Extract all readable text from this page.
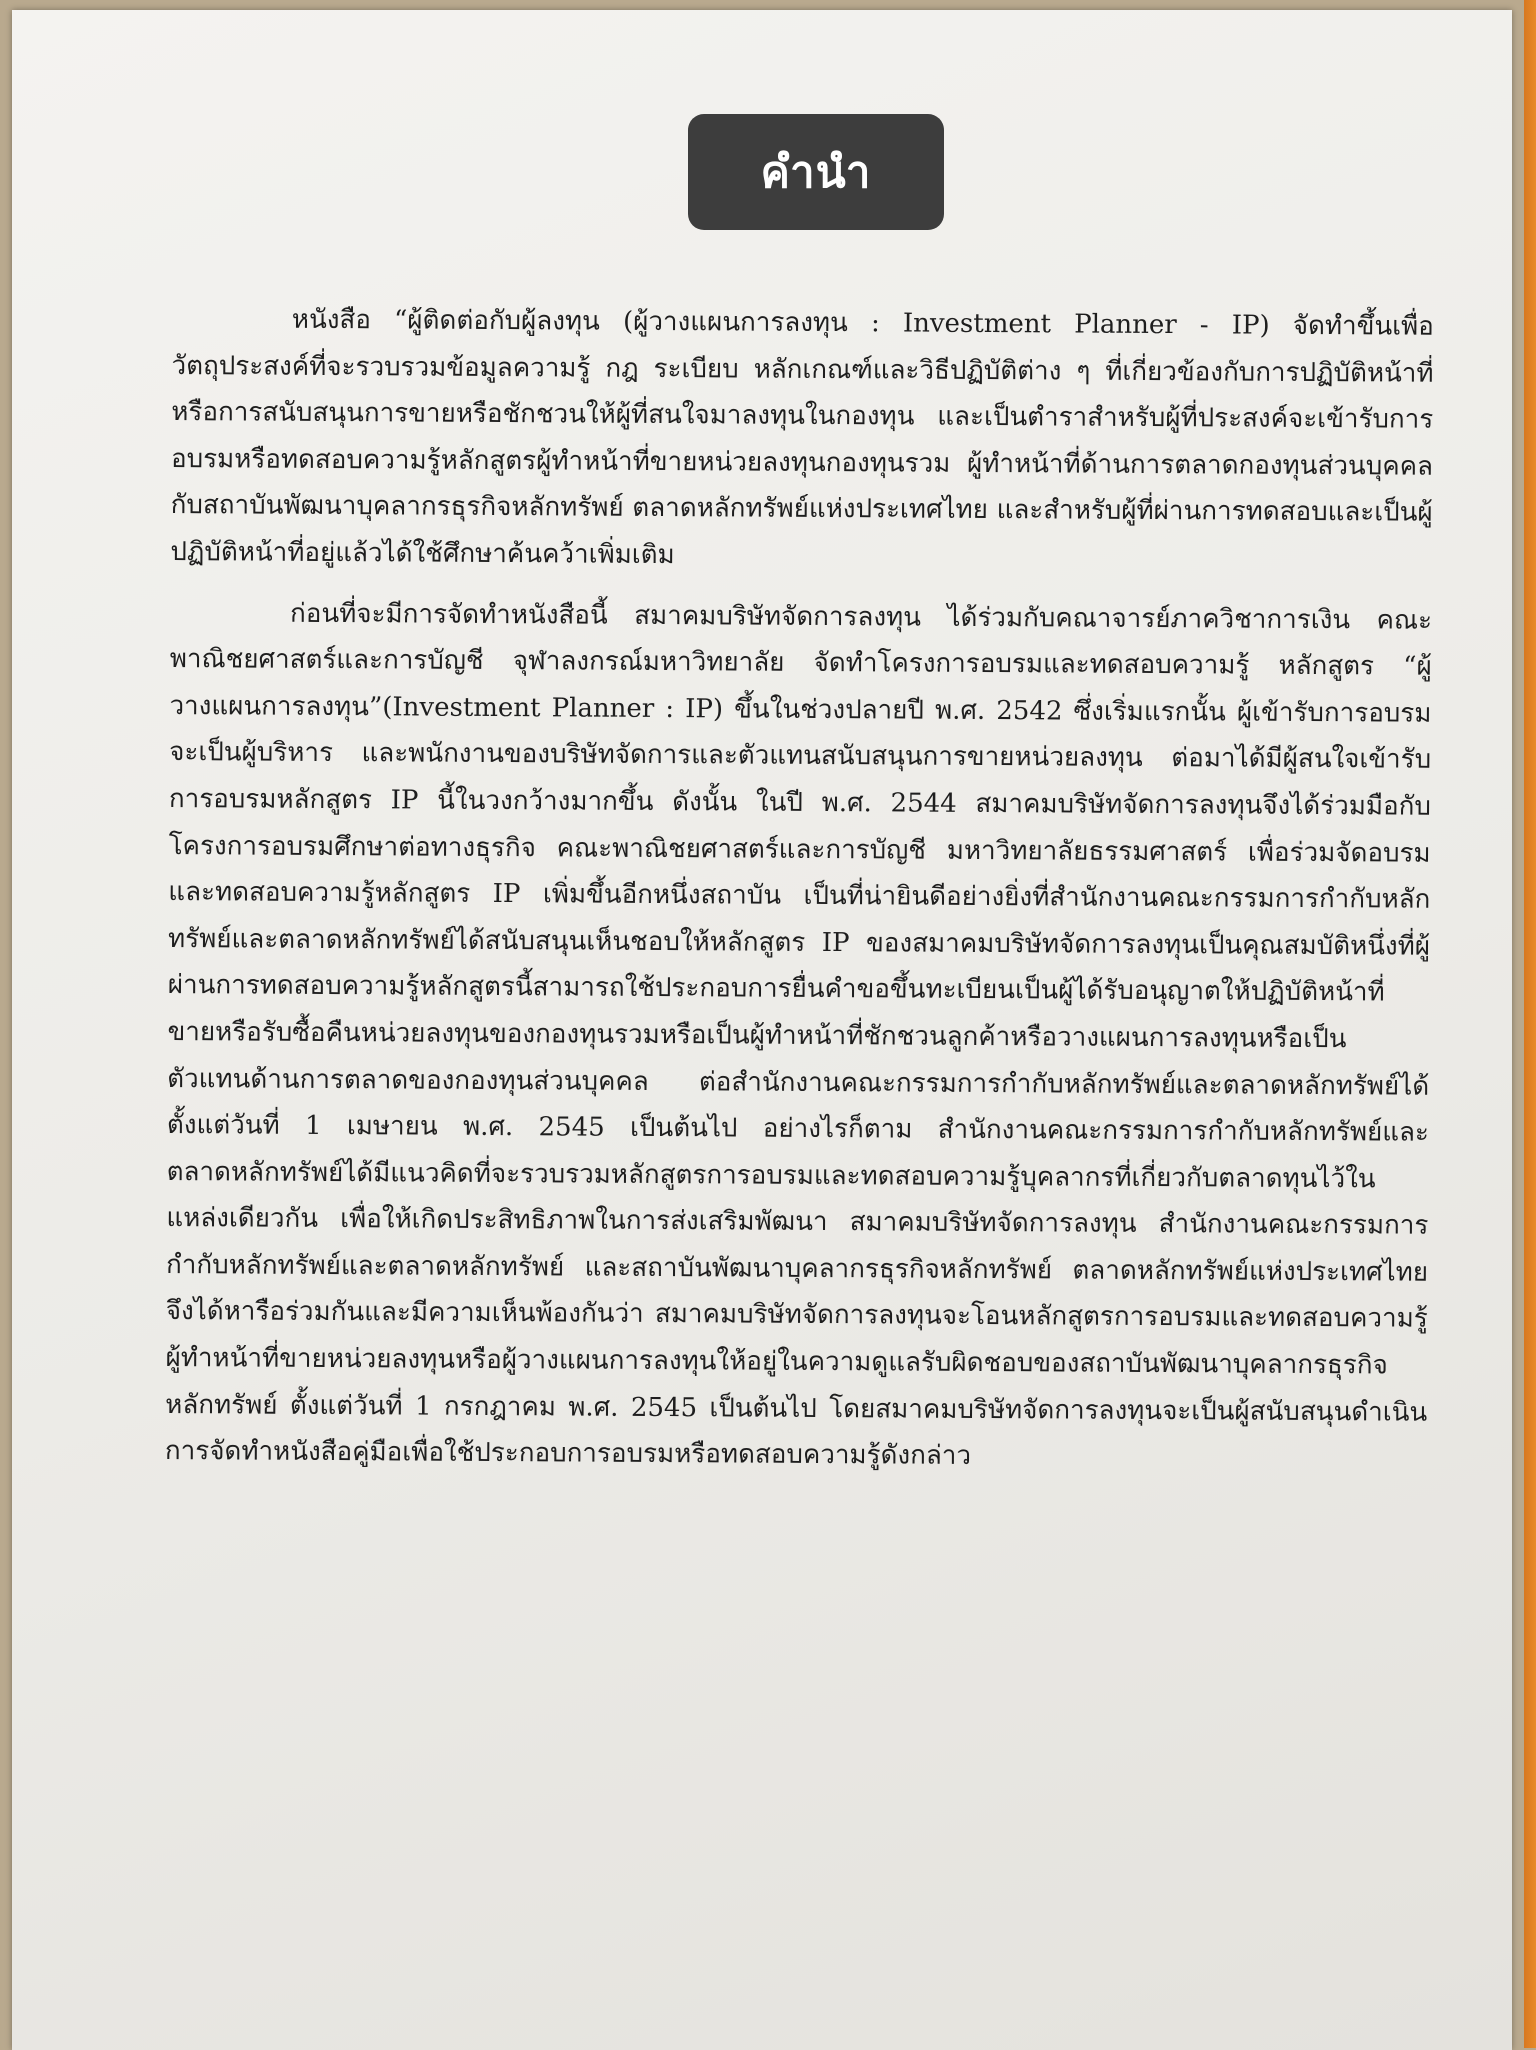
คำนำ

หนังสือ “ผู้ติดต่อกับผู้ลงทุน (ผู้วางแผนการลงทุน : Investment Planner - IP) จัดทำขึ้นเพื่อวัตถุประสงค์ที่จะรวบรวมข้อมูลความรู้ กฎ ระเบียบ หลักเกณฑ์และวิธีปฏิบัติต่าง ๆ ที่เกี่ยวข้องกับการปฏิบัติหน้าที่ หรือการสนับสนุนการขายหรือชักชวนให้ผู้ที่สนใจมาลงทุนในกองทุน และเป็นตำราสำหรับผู้ที่ประสงค์จะเข้ารับการอบรมหรือทดสอบความรู้หลักสูตรผู้ทำหน้าที่ขายหน่วยลงทุนกองทุนรวม ผู้ทำหน้าที่ด้านการตลาดกองทุนส่วนบุคคลกับสถาบันพัฒนาบุคลากรธุรกิจหลักทรัพย์ ตลาดหลักทรัพย์แห่งประเทศไทย และสำหรับผู้ที่ผ่านการทดสอบและเป็นผู้ปฏิบัติหน้าที่อยู่แล้วได้ใช้ศึกษาค้นคว้าเพิ่มเติม

ก่อนที่จะมีการจัดทำหนังสือนี้ สมาคมบริษัทจัดการลงทุน ได้ร่วมกับคณาจารย์ภาควิชาการเงิน คณะพาณิชยศาสตร์และการบัญชี จุฬาลงกรณ์มหาวิทยาลัย จัดทำโครงการอบรมและทดสอบความรู้ หลักสูตร “ผู้วางแผนการลงทุน”(Investment Planner : IP) ขึ้นในช่วงปลายปี พ.ศ. 2542 ซึ่งเริ่มแรกนั้น ผู้เข้ารับการอบรมจะเป็นผู้บริหาร และพนักงานของบริษัทจัดการและตัวแทนสนับสนุนการขายหน่วยลงทุน ต่อมาได้มีผู้สนใจเข้ารับการอบรมหลักสูตร IP นี้ในวงกว้างมากขึ้น ดังนั้น ในปี พ.ศ. 2544 สมาคมบริษัทจัดการลงทุนจึงได้ร่วมมือกับโครงการอบรมศึกษาต่อทางธุรกิจ คณะพาณิชยศาสตร์และการบัญชี มหาวิทยาลัยธรรมศาสตร์ เพื่อร่วมจัดอบรมและทดสอบความรู้หลักสูตร IP เพิ่มขึ้นอีกหนึ่งสถาบัน เป็นที่น่ายินดีอย่างยิ่งที่สำนักงานคณะกรรมการกำกับหลักทรัพย์และตลาดหลักทรัพย์ได้สนับสนุนเห็นชอบให้หลักสูตร IP ของสมาคมบริษัทจัดการลงทุนเป็นคุณสมบัติหนึ่งที่ผู้ผ่านการทดสอบความรู้หลักสูตรนี้สามารถใช้ประกอบการยื่นคำขอขึ้นทะเบียนเป็นผู้ได้รับอนุญาตให้ปฏิบัติหน้าที่ขายหรือรับซื้อคืนหน่วยลงทุนของกองทุนรวมหรือเป็นผู้ทำหน้าที่ชักชวนลูกค้าหรือวางแผนการลงทุนหรือเป็นตัวแทนด้านการตลาดของกองทุนส่วนบุคคล ต่อสำนักงานคณะกรรมการกำกับหลักทรัพย์และตลาดหลักทรัพย์ได้ตั้งแต่วันที่ 1 เมษายน พ.ศ. 2545 เป็นต้นไป อย่างไรก็ตาม สำนักงานคณะกรรมการกำกับหลักทรัพย์และตลาดหลักทรัพย์ได้มีแนวคิดที่จะรวบรวมหลักสูตรการอบรมและทดสอบความรู้บุคลากรที่เกี่ยวกับตลาดทุนไว้ในแหล่งเดียวกัน เพื่อให้เกิดประสิทธิภาพในการส่งเสริมพัฒนา สมาคมบริษัทจัดการลงทุน สำนักงานคณะกรรมการกำกับหลักทรัพย์และตลาดหลักทรัพย์ และสถาบันพัฒนาบุคลากรธุรกิจหลักทรัพย์ ตลาดหลักทรัพย์แห่งประเทศไทย จึงได้หารือร่วมกันและมีความเห็นพ้องกันว่า สมาคมบริษัทจัดการลงทุนจะโอนหลักสูตรการอบรมและทดสอบความรู้ผู้ทำหน้าที่ขายหน่วยลงทุนหรือผู้วางแผนการลงทุนให้อยู่ในความดูแลรับผิดชอบของสถาบันพัฒนาบุคลากรธุรกิจหลักทรัพย์ ตั้งแต่วันที่ 1 กรกฎาคม พ.ศ. 2545 เป็นต้นไป โดยสมาคมบริษัทจัดการลงทุนจะเป็นผู้สนับสนุนดำเนินการจัดทำหนังสือคู่มือเพื่อใช้ประกอบการอบรมหรือทดสอบความรู้ดังกล่าว
